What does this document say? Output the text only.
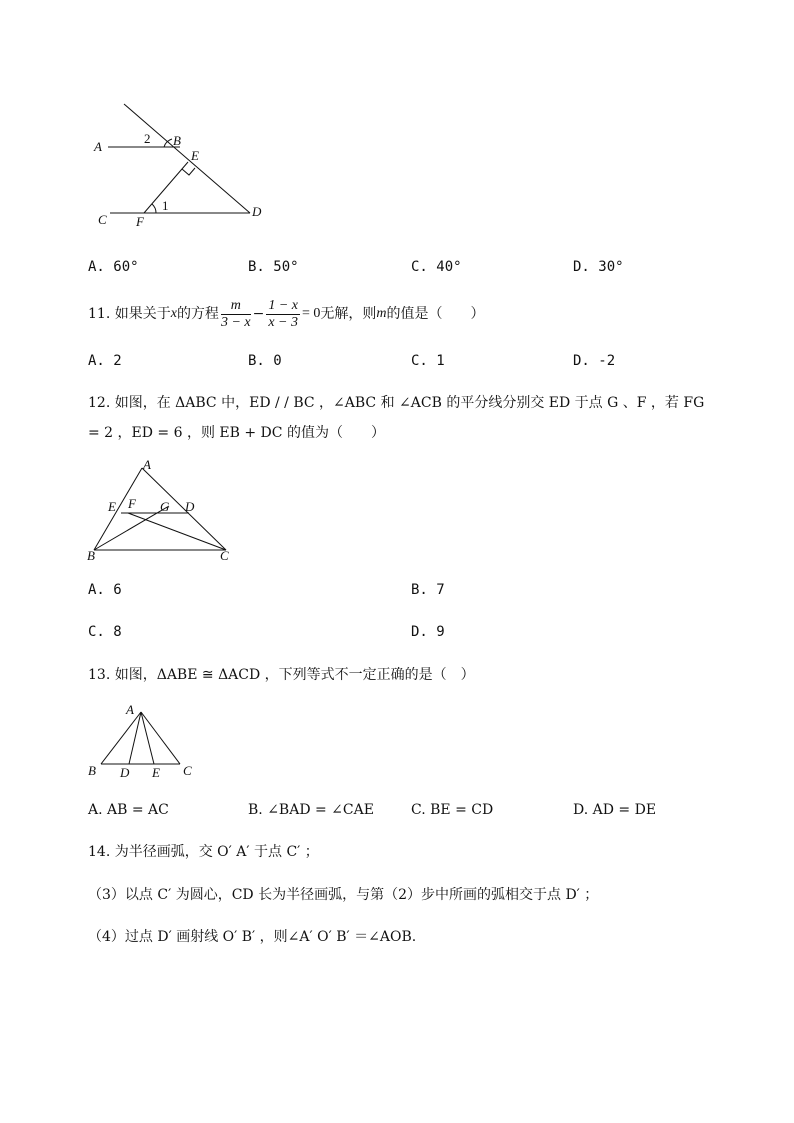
A
2 B
E
1
C F
D
A. 60°	B. 50°	C. 40°	D. 30°
11.
如果关于 x 的方程 $\frac{m}{3 - x} - \frac{1 - x}{x - 3} = 0$ 无解，则 m 的值是（　　）
A. 2	B. 0	C. 1	D. -2
12. 如图，在 ΔABC 中，ED / / BC ，∠ABC 和 ∠ACB 的平分线分别交 ED 于点 G 、F ，若 FG
= 2 ，ED = 6 ，则 EB + DC 的值为（　　）
A
E F G D
B	C
A. 6	B. 7
C. 8	D. 9
13. 如图，ΔABE ≅ ΔACD ，下列等式不一定正确的是（　）
A
B D E C
A. AB = AC	B. ∠BAD = ∠CAE	C. BE = CD	D. AD = DE
14. 为半径画弧，交 O′ A′ 于点 C′ ；
（3）以点 C′ 为圆心，CD 长为半径画弧，与第（2）步中所画的弧相交于点 D′ ；
（4）过点 D′ 画射线 O′ B′ ，则∠A′ O′ B′ ＝∠AOB.
